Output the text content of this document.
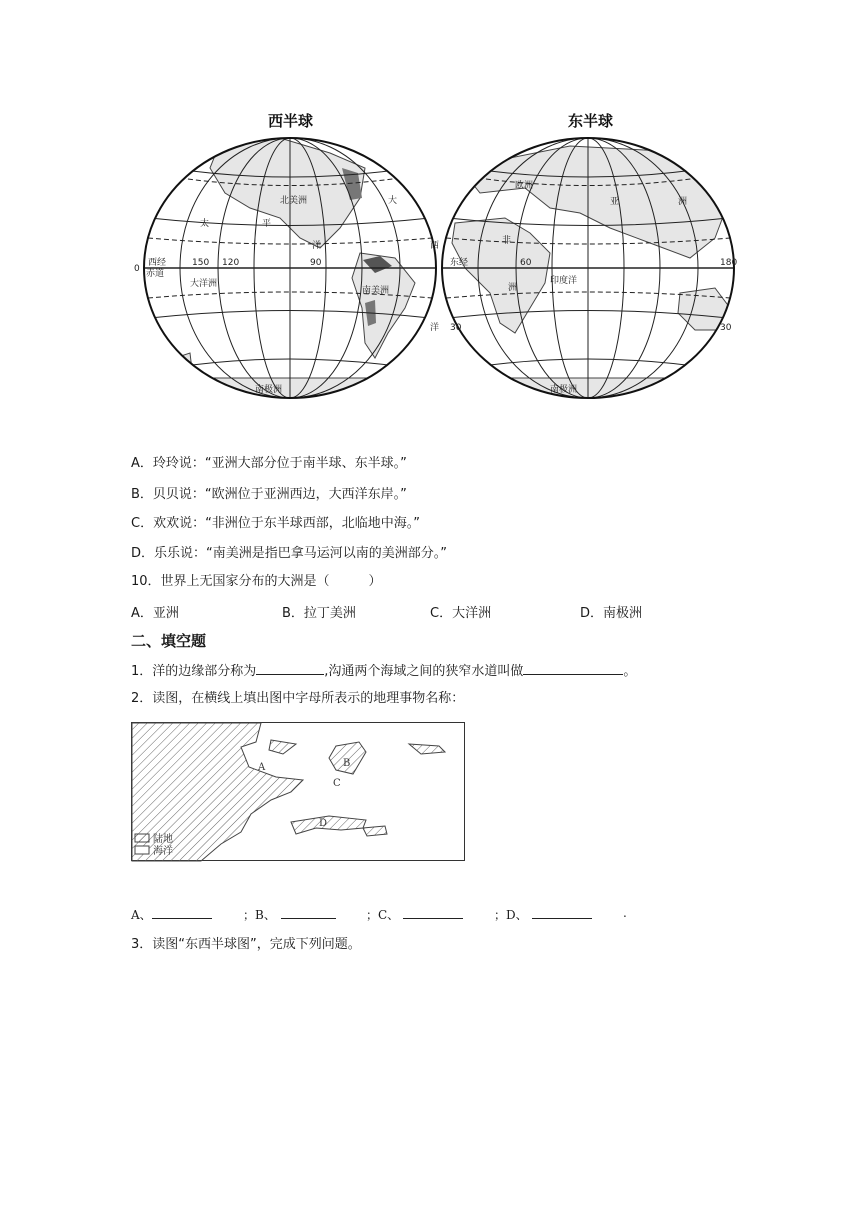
西半球
北美洲	大
太	平
洋
大洋洲
南美洲
南极洲
西经
赤道
150 120	90
0
西
洋
东半球
欧洲
亚	洲
非
洲
印度洋
南极洲
东经	60	180
30	30
A．玲玲说：“亚洲大部分位于南半球、东半球。”
B．贝贝说：“欧洲位于亚洲西边，大西洋东岸。”
C．欢欢说：“非洲位于东半球西部，北临地中海。”
D．乐乐说：“南美洲是指巴拿马运河以南的美洲部分。”
10．世界上无国家分布的大洲是（　　　）
A．亚洲	B．拉丁美洲	C．大洋洲	D．南极洲
二、填空题
1．洋的边缘部分称为	,沟通两个海域之间的狭窄水道叫做	。
2．读图，在横线上填出图中字母所表示的地理事物名称：
A	B
C
D
陆地
海洋
A、	；B、	；C、	；D、	.
3．读图“东西半球图”，完成下列问题。
